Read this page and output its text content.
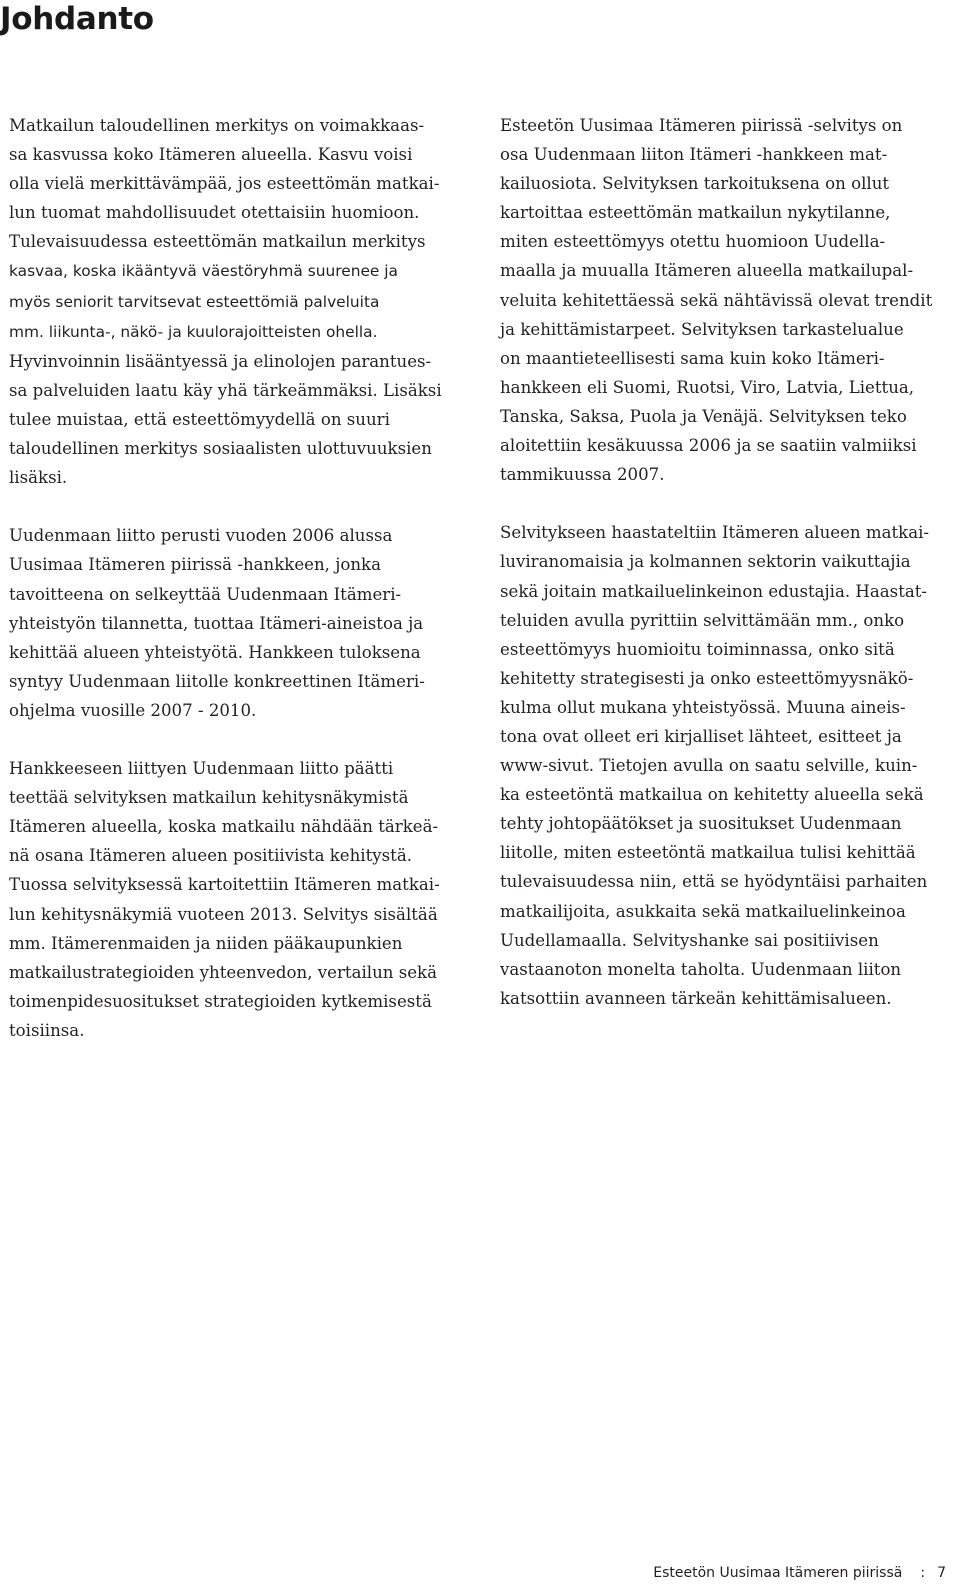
Johdanto

Matkailun taloudellinen merkitys on voimakkaas-
sa kasvussa koko Itämeren alueella. Kasvu voisi
olla vielä merkittävämpää, jos esteettömän matkai-
lun tuomat mahdollisuudet otettaisiin huomioon.
Tulevaisuudessa esteettömän matkailun merkitys
kasvaa, koska ikääntyvä väestöryhmä suurenee ja
myös seniorit tarvitsevat esteettömiä palveluita
mm. liikunta-, näkö- ja kuulorajoitteisten ohella.
Hyvinvoinnin lisääntyessä ja elinolojen parantues-
sa palveluiden laatu käy yhä tärkeämmäksi. Lisäksi
tulee muistaa, että esteettömyydellä on suuri
taloudellinen merkitys sosiaalisten ulottuvuuksien
lisäksi.

Uudenmaan liitto perusti vuoden 2006 alussa
Uusimaa Itämeren piirissä -hankkeen, jonka
tavoitteena on selkeyttää Uudenmaan Itämeri-
yhteistyön tilannetta, tuottaa Itämeri-aineistoa ja
kehittää alueen yhteistyötä. Hankkeen tuloksena
syntyy Uudenmaan liitolle konkreettinen Itämeri-
ohjelma vuosille 2007 - 2010.

Hankkeeseen liittyen Uudenmaan liitto päätti
teettää selvityksen matkailun kehitysnäkymistä
Itämeren alueella, koska matkailu nähdään tärkeä-
nä osana Itämeren alueen positiivista kehitystä.
Tuossa selvityksessä kartoitettiin Itämeren matkai-
lun kehitysnäkymiä vuoteen 2013. Selvitys sisältää
mm. Itämerenmaiden ja niiden pääkaupunkien
matkailustrategioiden yhteenvedon, vertailun sekä
toimenpidesuositukset strategioiden kytkemisestä
toisiinsa.

Esteetön Uusimaa Itämeren piirissä -selvitys on
osa Uudenmaan liiton Itämeri -hankkeen mat-
kailuosiota. Selvityksen tarkoituksena on ollut
kartoittaa esteettömän matkailun nykytilanne,
miten esteettömyys otettu huomioon Uudella-
maalla ja muualla Itämeren alueella matkailupal-
veluita kehitettäessä sekä nähtävissä olevat trendit
ja kehittämistarpeet. Selvityksen tarkastelualue
on maantieteellisesti sama kuin koko Itämeri-
hankkeen eli Suomi, Ruotsi, Viro, Latvia, Liettua,
Tanska, Saksa, Puola ja Venäjä. Selvityksen teko
aloitettiin kesäkuussa 2006 ja se saatiin valmiiksi
tammikuussa 2007.

Selvitykseen haastateltiin Itämeren alueen matkai-
luviranomaisia ja kolmannen sektorin vaikuttajia
sekä joitain matkailuelinkeinon edustajia. Haastat-
teluiden avulla pyrittiin selvittämään mm., onko
esteettömyys huomioitu toiminnassa, onko sitä
kehitetty strategisesti ja onko esteettömyysnäkö-
kulma ollut mukana yhteistyössä. Muuna aineis-
tona ovat olleet eri kirjalliset lähteet, esitteet ja
www-sivut. Tietojen avulla on saatu selville, kuin-
ka esteetöntä matkailua on kehitetty alueella sekä
tehty johtopäätökset ja suositukset Uudenmaan
liitolle, miten esteetöntä matkailua tulisi kehittää
tulevaisuudessa niin, että se hyödyntäisi parhaiten
matkailijoita, asukkaita sekä matkailuelinkeinoa
Uudellamaalla. Selvityshanke sai positiivisen
vastaanoton monelta taholta. Uudenmaan liiton
katsottiin avanneen tärkeän kehittämisalueen.

Esteetön Uusimaa Itämeren piirissä : 7
